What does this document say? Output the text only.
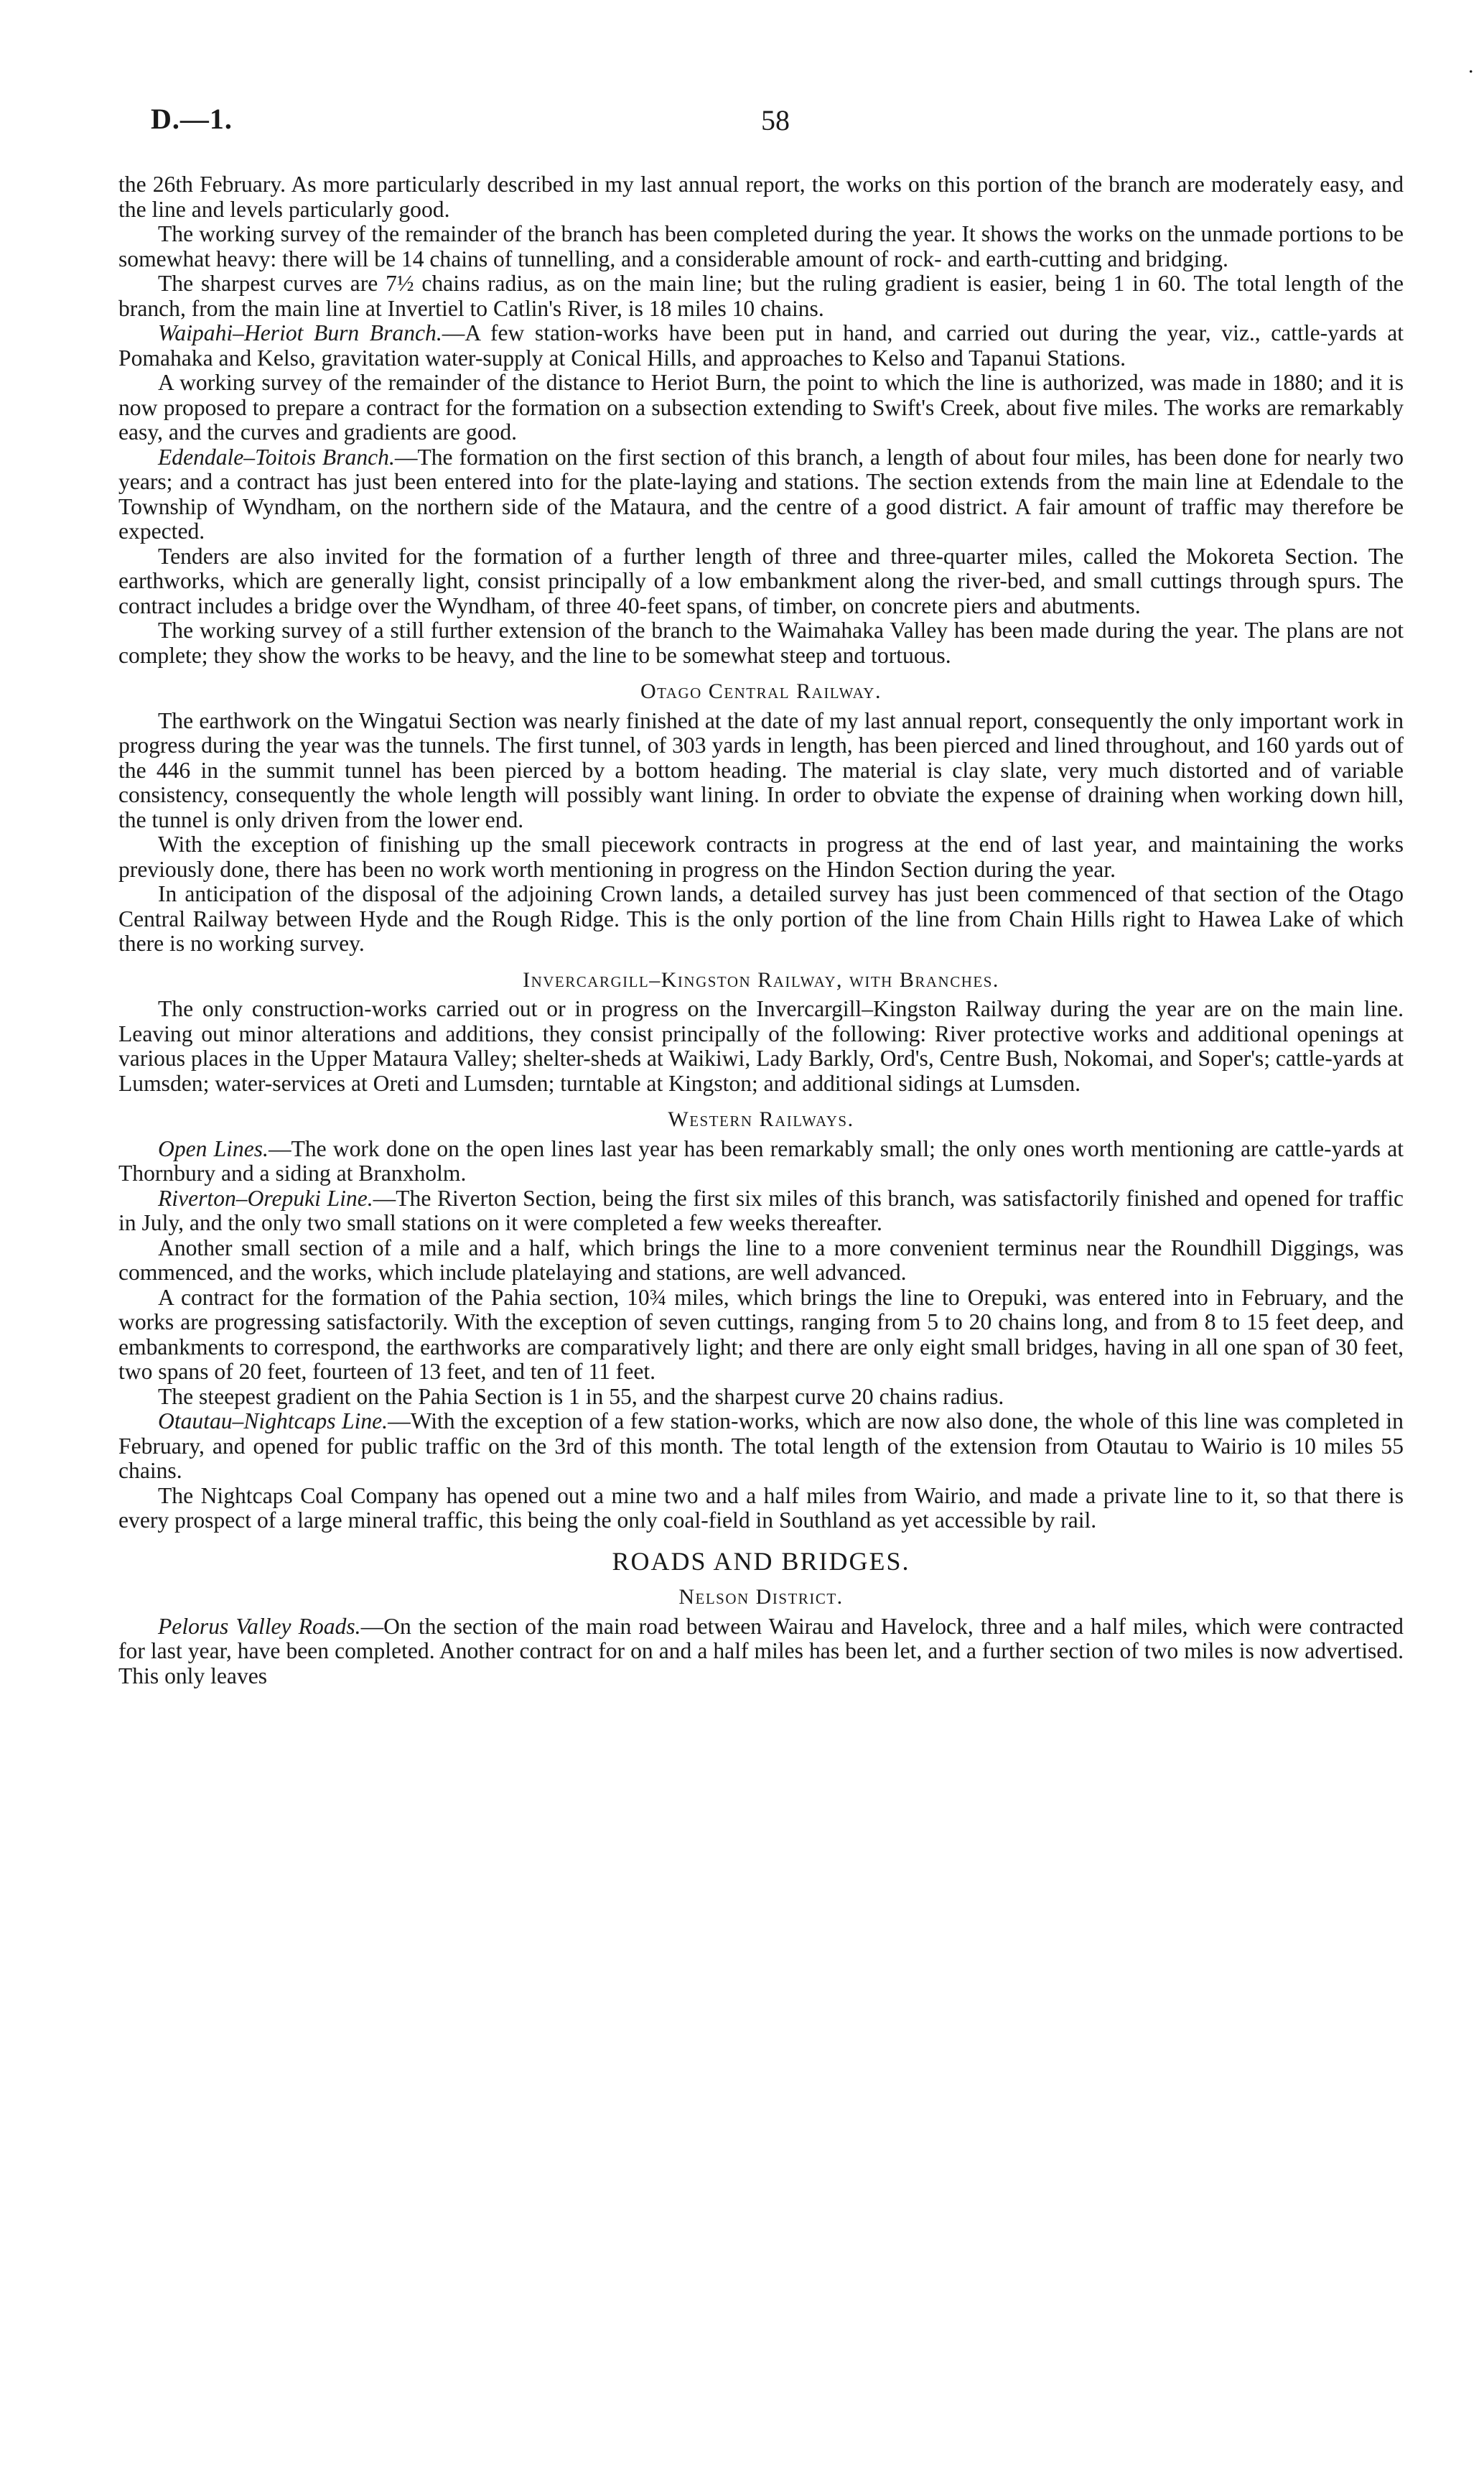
D.—1.	58
.

the 26th February. As more particularly described in my last annual report, the works on this portion of the branch are moderately easy, and the line and levels particularly good.

The working survey of the remainder of the branch has been completed during the year. It shows the works on the unmade portions to be somewhat heavy: there will be 14 chains of tunnelling, and a considerable amount of rock- and earth-cutting and bridging.

The sharpest curves are 7½ chains radius, as on the main line; but the ruling gradient is easier, being 1 in 60. The total length of the branch, from the main line at Invertiel to Catlin's River, is 18 miles 10 chains.

Waipahi–Heriot Burn Branch.—A few station-works have been put in hand, and carried out during the year, viz., cattle-yards at Pomahaka and Kelso, gravitation water-supply at Conical Hills, and approaches to Kelso and Tapanui Stations.

A working survey of the remainder of the distance to Heriot Burn, the point to which the line is authorized, was made in 1880; and it is now proposed to prepare a contract for the formation on a subsection extending to Swift's Creek, about five miles. The works are remarkably easy, and the curves and gradients are good.

Edendale–Toitois Branch.—The formation on the first section of this branch, a length of about four miles, has been done for nearly two years; and a contract has just been entered into for the plate-laying and stations. The section extends from the main line at Edendale to the Township of Wyndham, on the northern side of the Mataura, and the centre of a good district. A fair amount of traffic may therefore be expected.

Tenders are also invited for the formation of a further length of three and three-quarter miles, called the Mokoreta Section. The earthworks, which are generally light, consist principally of a low embankment along the river-bed, and small cuttings through spurs. The contract includes a bridge over the Wyndham, of three 40-feet spans, of timber, on concrete piers and abutments.

The working survey of a still further extension of the branch to the Waimahaka Valley has been made during the year. The plans are not complete; they show the works to be heavy, and the line to be somewhat steep and tortuous.

Otago Central Railway.

The earthwork on the Wingatui Section was nearly finished at the date of my last annual report, consequently the only important work in progress during the year was the tunnels. The first tunnel, of 303 yards in length, has been pierced and lined throughout, and 160 yards out of the 446 in the summit tunnel has been pierced by a bottom heading. The material is clay slate, very much distorted and of variable consistency, consequently the whole length will possibly want lining. In order to obviate the expense of draining when working down hill, the tunnel is only driven from the lower end.

With the exception of finishing up the small piecework contracts in progress at the end of last year, and maintaining the works previously done, there has been no work worth mentioning in progress on the Hindon Section during the year.

In anticipation of the disposal of the adjoining Crown lands, a detailed survey has just been commenced of that section of the Otago Central Railway between Hyde and the Rough Ridge. This is the only portion of the line from Chain Hills right to Hawea Lake of which there is no working survey.

Invercargill–Kingston Railway, with Branches.

The only construction-works carried out or in progress on the Invercargill–Kingston Railway during the year are on the main line. Leaving out minor alterations and additions, they consist principally of the following: River protective works and additional openings at various places in the Upper Mataura Valley; shelter-sheds at Waikiwi, Lady Barkly, Ord's, Centre Bush, Nokomai, and Soper's; cattle-yards at Lumsden; water-services at Oreti and Lumsden; turntable at Kingston; and additional sidings at Lumsden.

Western Railways.

Open Lines.—The work done on the open lines last year has been remarkably small; the only ones worth mentioning are cattle-yards at Thornbury and a siding at Branxholm.

Riverton–Orepuki Line.—The Riverton Section, being the first six miles of this branch, was satisfactorily finished and opened for traffic in July, and the only two small stations on it were completed a few weeks thereafter.

Another small section of a mile and a half, which brings the line to a more convenient terminus near the Roundhill Diggings, was commenced, and the works, which include platelaying and stations, are well advanced.

A contract for the formation of the Pahia section, 10¾ miles, which brings the line to Orepuki, was entered into in February, and the works are progressing satisfactorily. With the exception of seven cuttings, ranging from 5 to 20 chains long, and from 8 to 15 feet deep, and embankments to correspond, the earthworks are comparatively light; and there are only eight small bridges, having in all one span of 30 feet, two spans of 20 feet, fourteen of 13 feet, and ten of 11 feet.

The steepest gradient on the Pahia Section is 1 in 55, and the sharpest curve 20 chains radius.

Otautau–Nightcaps Line.—With the exception of a few station-works, which are now also done, the whole of this line was completed in February, and opened for public traffic on the 3rd of this month. The total length of the extension from Otautau to Wairio is 10 miles 55 chains.

The Nightcaps Coal Company has opened out a mine two and a half miles from Wairio, and made a private line to it, so that there is every prospect of a large mineral traffic, this being the only coal-field in Southland as yet accessible by rail.

ROADS AND BRIDGES.
Nelson District.

Pelorus Valley Roads.—On the section of the main road between Wairau and Havelock, three and a half miles, which were contracted for last year, have been completed. Another contract for on and a half miles has been let, and a further section of two miles is now advertised. This only leaves
